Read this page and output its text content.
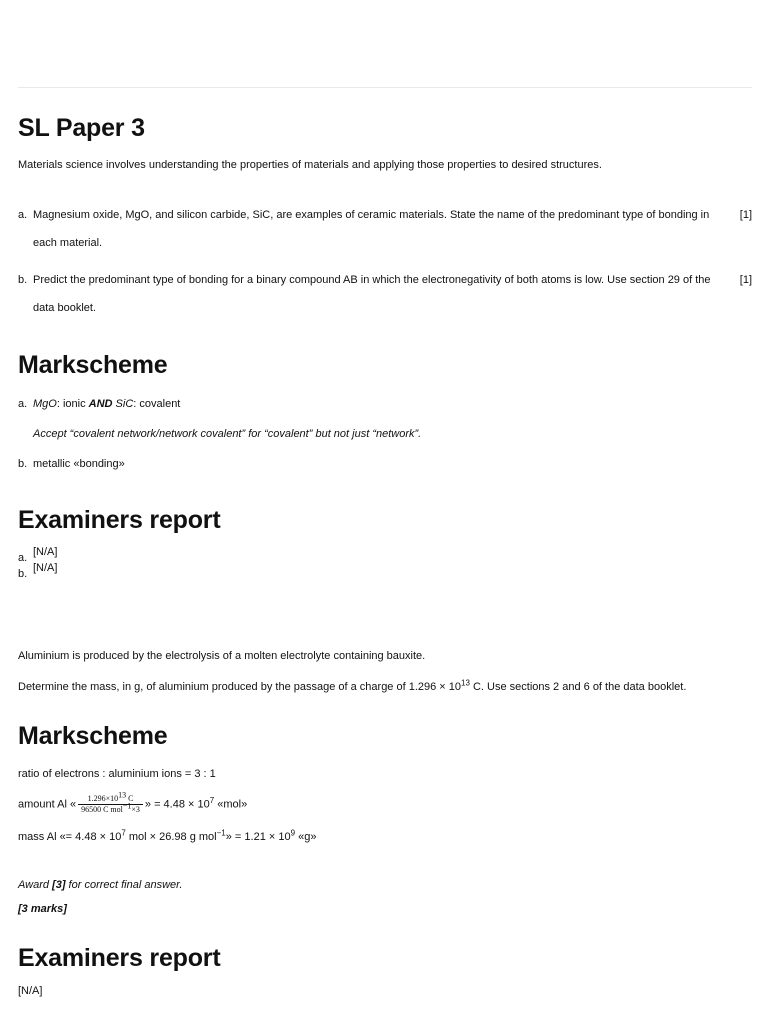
SL Paper 3
Materials science involves understanding the properties of materials and applying those properties to desired structures.
a. Magnesium oxide, MgO, and silicon carbide, SiC, are examples of ceramic materials. State the name of the predominant type of bonding in each material.
[1]
b. Predict the predominant type of bonding for a binary compound AB in which the electronegativity of both atoms is low. Use section 29 of the data booklet.
[1]
Markscheme
a. MgO: ionic AND SiC: covalent
Accept “covalent network/network covalent” for “covalent” but not just “network”.
b. metallic «bonding»
Examiners report
a. [N/A]
b. [N/A]
Aluminium is produced by the electrolysis of a molten electrolyte containing bauxite.
Determine the mass, in g, of aluminium produced by the passage of a charge of $1.296 \times 10^{13}$ C. Use sections 2 and 6 of the data booklet.
Markscheme
ratio of electrons : aluminium ions = 3 : 1
amount Al « $\frac{1.296\times 10^{13} C}{96500 C mol^{-1}\times 3}$ » = $4.48 \times 10^7$ «mol»
mass Al «= $4.48 \times 10^7$ mol × 26.98 g mol$^{-1}$» = $1.21 \times 10^9$ «g»
Award [3] for correct final answer.
[3 marks]
Examiners report
[N/A]
